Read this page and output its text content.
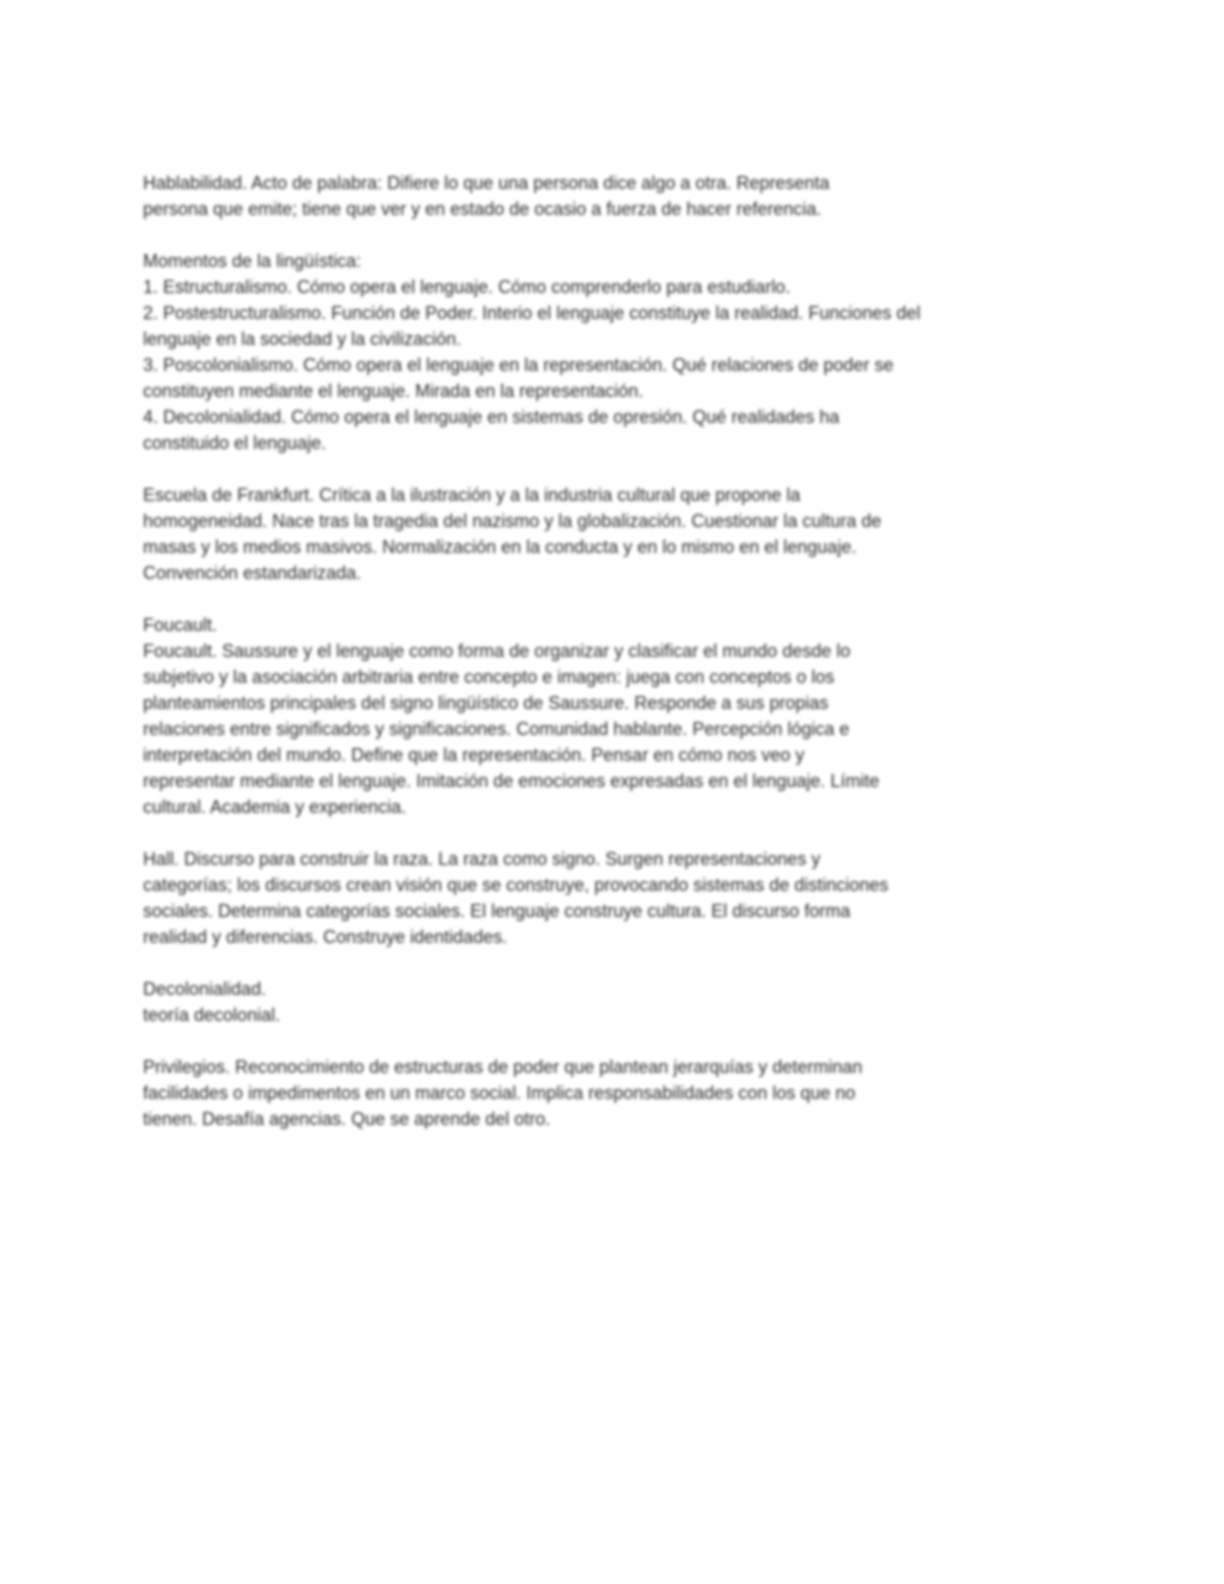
Hablabilidad. Acto de palabra: Difiere lo que una persona dice algo a otra. Representa
persona que emite; tiene que ver y en estado de ocasio a fuerza de hacer referencia.
Momentos de la lingüística:
1. Estructuralismo. Cómo opera el lenguaje. Cómo comprenderlo para estudiarlo.
2. Postestructuralismo. Función de Poder. Interio el lenguaje constituye la realidad. Funciones del
lenguaje en la sociedad y la civilización.
3. Poscolonialismo. Cómo opera el lenguaje en la representación. Qué relaciones de poder se
constituyen mediante el lenguaje. Mirada en la representación.
4. Decolonialidad. Cómo opera el lenguaje en sistemas de opresión. Qué realidades ha
constituido el lenguaje.
Escuela de Frankfurt. Crítica a la ilustración y a la industria cultural que propone la
homogeneidad. Nace tras la tragedia del nazismo y la globalización. Cuestionar la cultura de
masas y los medios masivos. Normalización en la conducta y en lo mismo en el lenguaje.
Convención estandarizada.
Foucault.
Foucault. Saussure y el lenguaje como forma de organizar y clasificar el mundo desde lo
subjetivo y la asociación arbitraria entre concepto e imagen: juega con conceptos o los
planteamientos principales del signo lingüístico de Saussure. Responde a sus propias
relaciones entre significados y significaciones. Comunidad hablante. Percepción lógica e
interpretación del mundo. Define que la representación. Pensar en cómo nos veo y
representar mediante el lenguaje. Imitación de emociones expresadas en el lenguaje. Límite
cultural. Academia y experiencia.
Hall. Discurso para construir la raza. La raza como signo. Surgen representaciones y
categorías; los discursos crean visión que se construye, provocando sistemas de distinciones
sociales. Determina categorías sociales. El lenguaje construye cultura. El discurso forma
realidad y diferencias. Construye identidades.
Decolonialidad.
teoría decolonial.
Privilegios. Reconocimiento de estructuras de poder que plantean jerarquías y determinan
facilidades o impedimentos en un marco social. Implica responsabilidades con los que no
tienen. Desafía agencias. Que se aprende del otro.
